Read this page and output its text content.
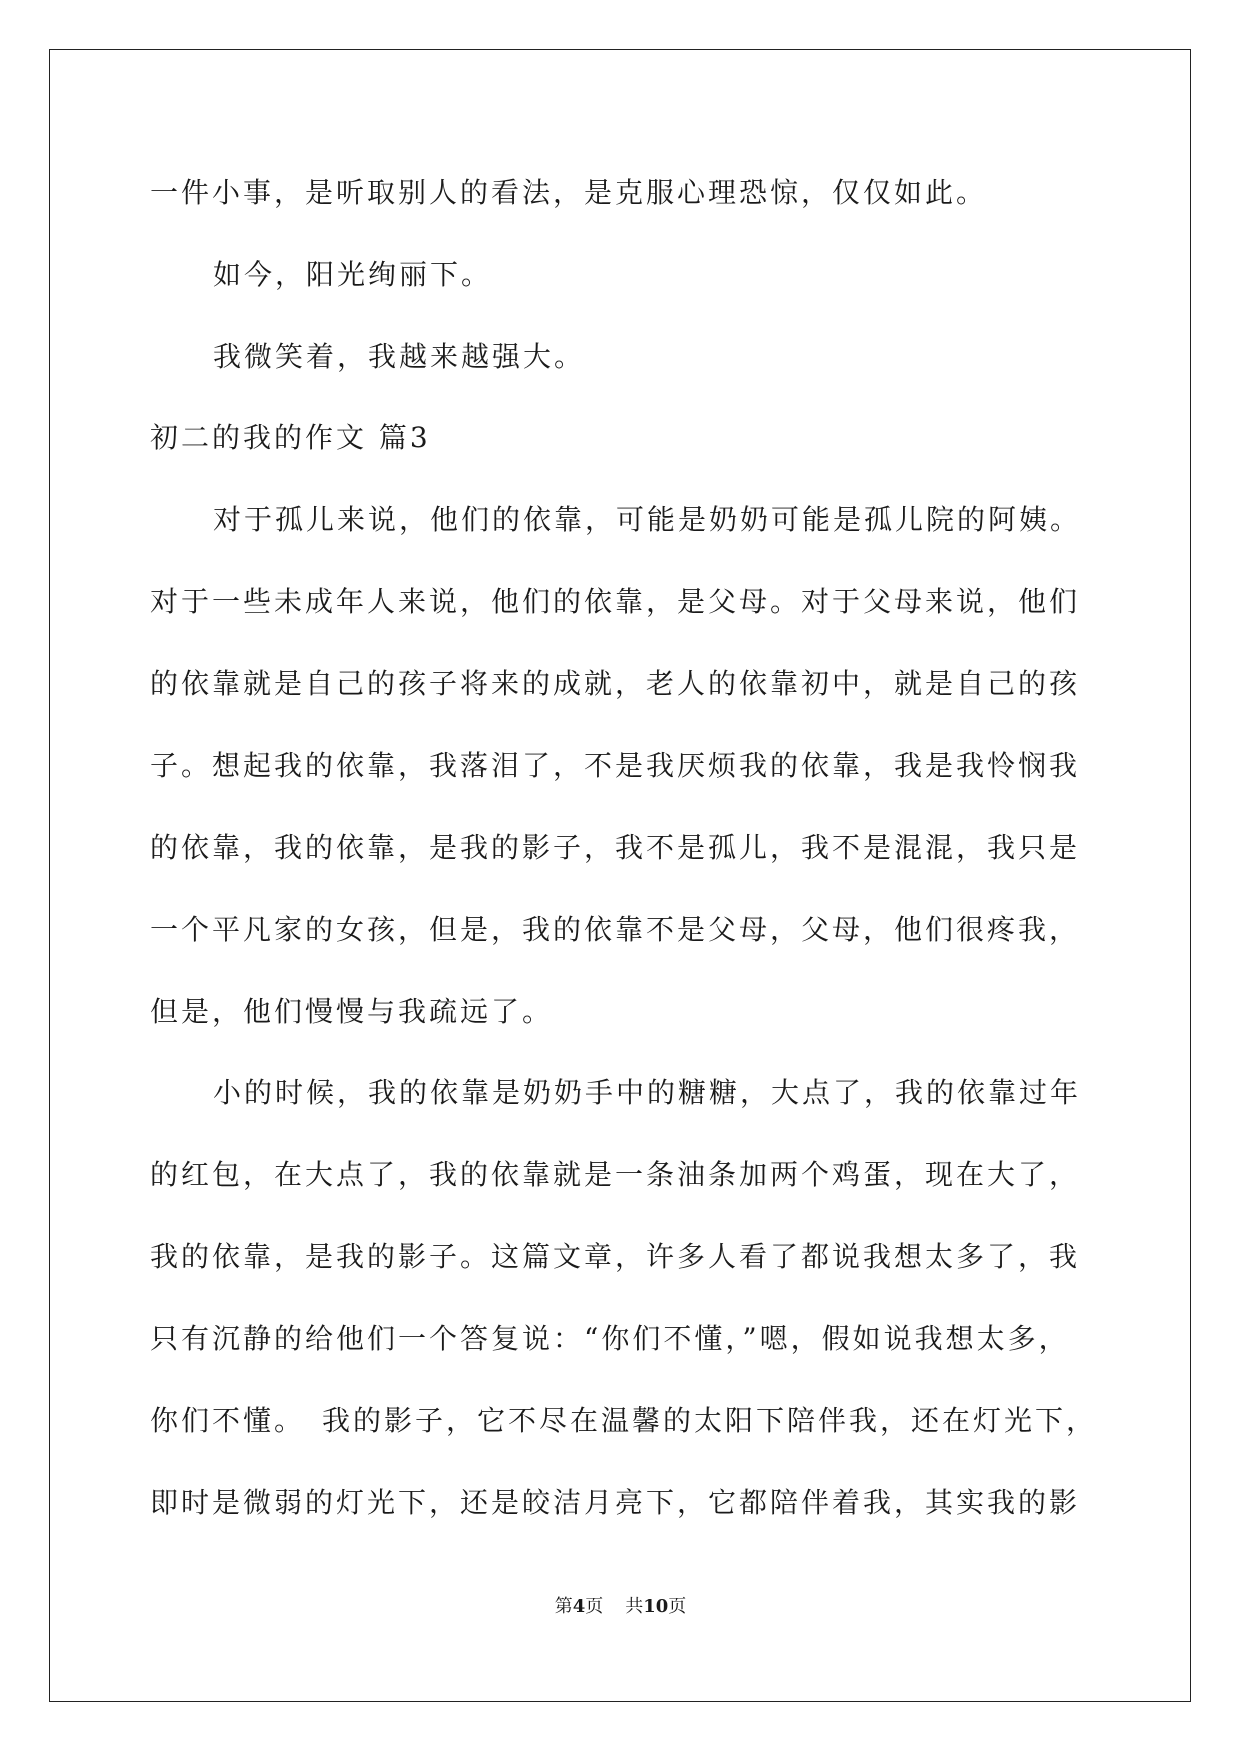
一件小事，是听取别人的看法，是克服心理恐惊，仅仅如此。
如今，阳光绚丽下。
我微笑着，我越来越强大。
初二的我的作文 篇3
对于孤儿来说，他们的依靠，可能是奶奶可能是孤儿院的阿姨。
对于一些未成年人来说，他们的依靠，是父母。对于父母来说，他们
的依靠就是自己的孩子将来的成就，老人的依靠初中，就是自己的孩
子。想起我的依靠，我落泪了，不是我厌烦我的依靠，我是我怜悯我
的依靠，我的依靠，是我的影子，我不是孤儿，我不是混混，我只是
一个平凡家的女孩，但是，我的依靠不是父母，父母，他们很疼我，
但是，他们慢慢与我疏远了。
小的时候，我的依靠是奶奶手中的糖糖，大点了，我的依靠过年
的红包，在大点了，我的依靠就是一条油条加两个鸡蛋，现在大了，
我的依靠，是我的影子。这篇文章，许多人看了都说我想太多了，我
只有沉静的给他们一个答复说：“你们不懂，”嗯，假如说我想太多，
你们不懂。　我的影子，它不尽在温馨的太阳下陪伴我，还在灯光下，
即时是微弱的灯光下，还是皎洁月亮下，它都陪伴着我，其实我的影
第4页 共10页
